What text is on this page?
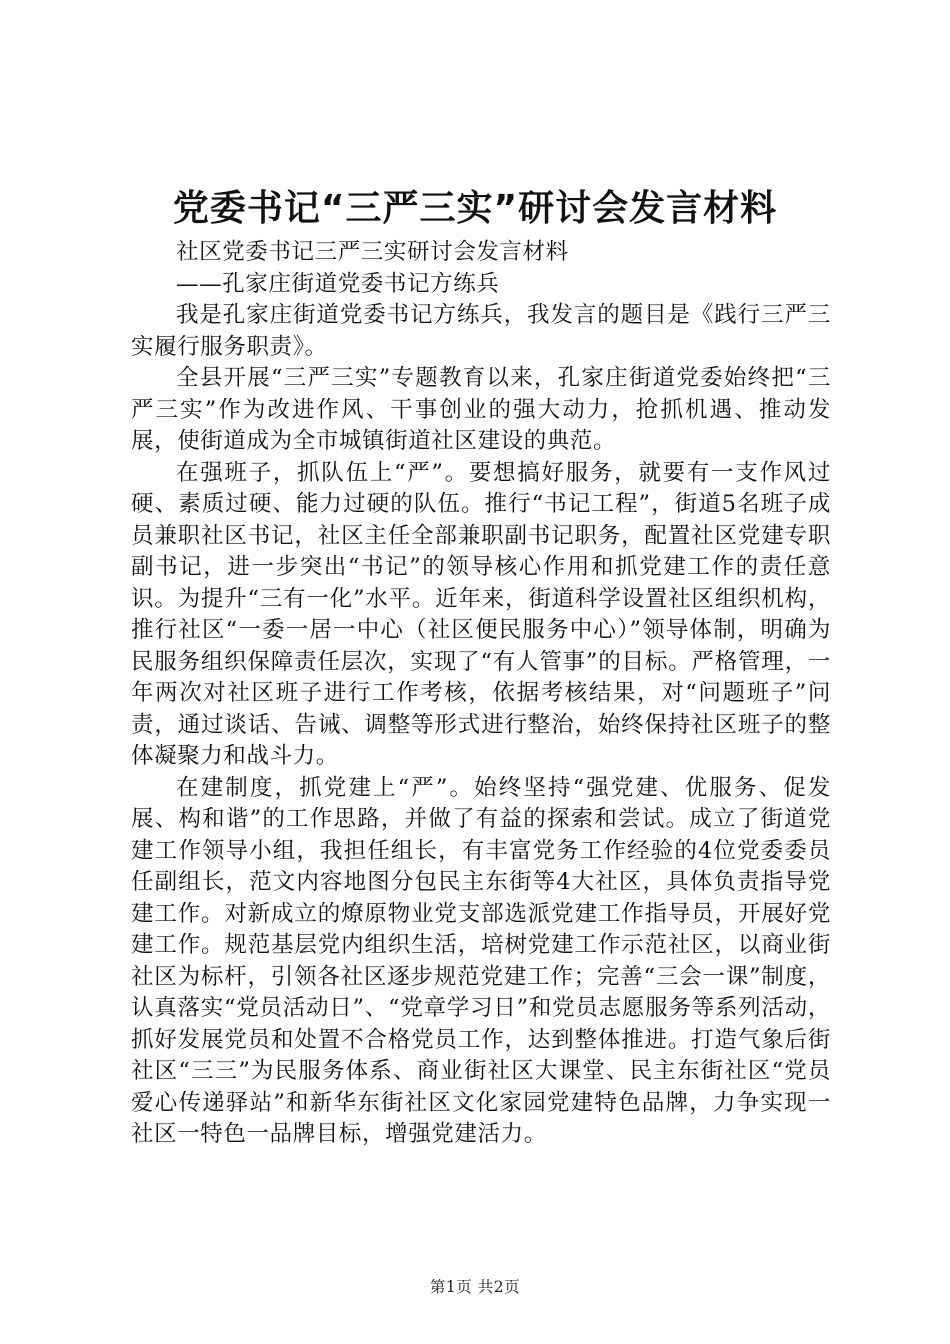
党委书记“三严三实”研讨会发言材料

社区党委书记三严三实研讨会发言材料

——孔家庄街道党委书记方练兵

我是孔家庄街道党委书记方练兵，我发言的题目是《践行三严三实履行服务职责》。

全县开展“三严三实”专题教育以来，孔家庄街道党委始终把“三严三实”作为改进作风、干事创业的强大动力，抢抓机遇、推动发展，使街道成为全市城镇街道社区建设的典范。

在强班子，抓队伍上“严”。要想搞好服务，就要有一支作风过硬、素质过硬、能力过硬的队伍。推行“书记工程”，街道5名班子成员兼职社区书记，社区主任全部兼职副书记职务，配置社区党建专职副书记，进一步突出“书记”的领导核心作用和抓党建工作的责任意识。为提升“三有一化”水平。近年来，街道科学设置社区组织机构，推行社区“一委一居一中心（社区便民服务中心）”领导体制，明确为民服务组织保障责任层次，实现了“有人管事”的目标。严格管理，一年两次对社区班子进行工作考核，依据考核结果，对“问题班子”问责，通过谈话、告诫、调整等形式进行整治，始终保持社区班子的整体凝聚力和战斗力。

在建制度，抓党建上“严”。始终坚持“强党建、优服务、促发展、构和谐”的工作思路，并做了有益的探索和尝试。成立了街道党建工作领导小组，我担任组长，有丰富党务工作经验的4位党委委员任副组长，范文内容地图分包民主东街等4大社区，具体负责指导党建工作。对新成立的燎原物业党支部选派党建工作指导员，开展好党建工作。规范基层党内组织生活，培树党建工作示范社区，以商业街社区为标杆，引领各社区逐步规范党建工作；完善“三会一课”制度，认真落实“党员活动日”、“党章学习日”和党员志愿服务等系列活动，抓好发展党员和处置不合格党员工作，达到整体推进。打造气象后街社区“三三”为民服务体系、商业街社区大课堂、民主东街社区“党员爱心传递驿站”和新华东街社区文化家园党建特色品牌，力争实现一社区一特色一品牌目标，增强党建活力。

第1页 共2页
